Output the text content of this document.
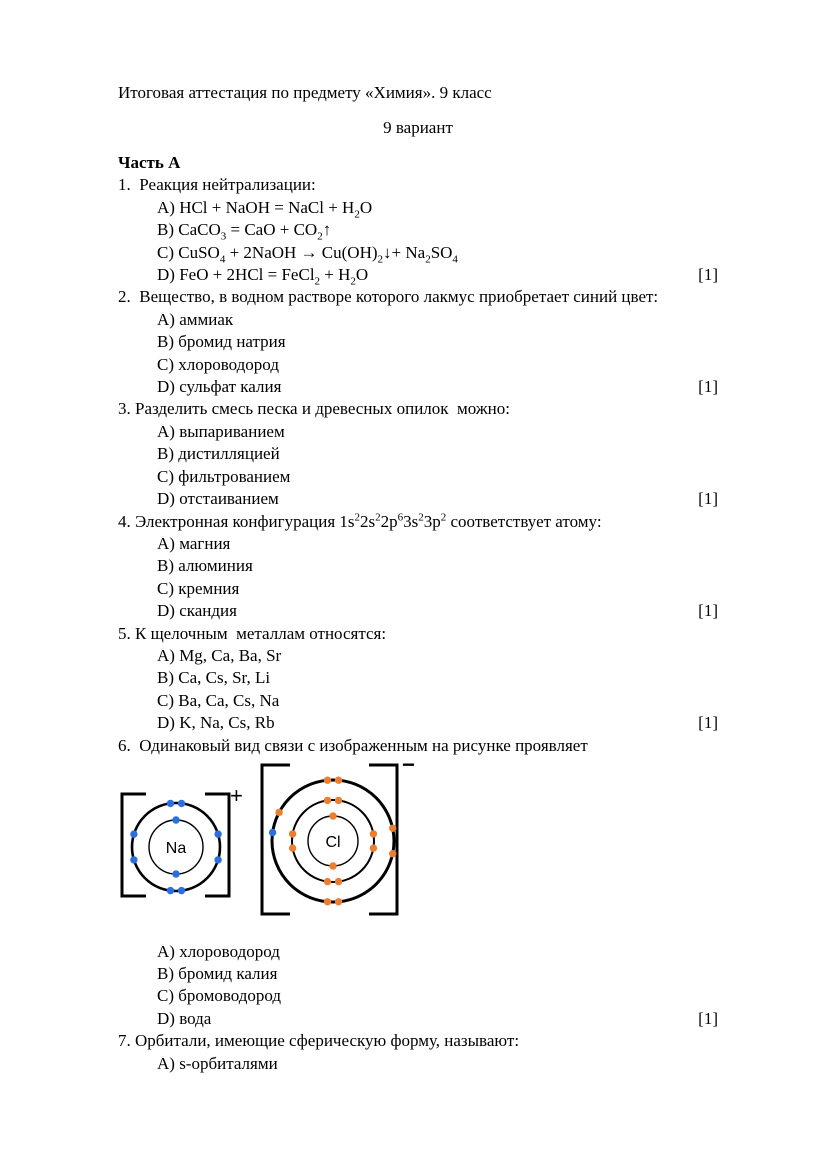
Итоговая аттестация по предмету «Химия». 9 класс
9 вариант
Часть А
1.  Реакция нейтрализации:
A) HCl + NaOH = NaCl + $H_2O$
B) CaCO$_3$ = CaO + $CO_2↑$
C) CuSO$_4$ + 2NaOH → $Cu(OH)_2↓+ Na_2SO_4$
D) FeO + 2HCl = FeCl$_2$ + $H_2O$	[1]
2.  Вещество, в водном растворе которого лакмус приобретает синий цвет:
A) аммиак
B) бромид натрия
C) хлороводород
D) сульфат калия	[1]
3. Разделить смесь песка и древесных опилок  можно:
A) выпариванием
B) дистилляцией
C) фильтрованием
D) отстаиванием	[1]
4. Электронная конфигурация $1s^22s^22p^63s^23p^2$ соответствует атому:
A) магния
B) алюминия
C) кремния
D) скандия	[1]
5. К щелочным  металлам относятся:
A) Mg, Ca, Ba, Sr
B) Ca, Cs, Sr, Li
C) Ba, Ca, Cs, Na
D) K, Na, Cs, Rb	[1]
6.  Одинаковый вид связи с изображенным на рисунке проявляет
+
Na
−
Cl
A) хлороводород
B) бромид калия
C) бромоводород
D) вода	[1]
7. Орбитали, имеющие сферическую форму, называют:
A) s-орбиталями
